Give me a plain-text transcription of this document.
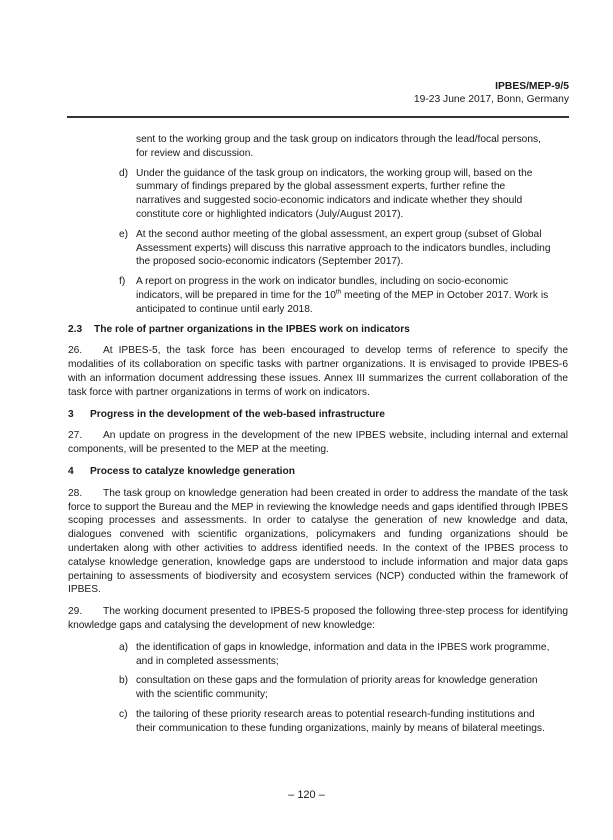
IPBES/MEP-9/5
19-23 June 2017, Bonn, Germany
sent to the working group and the task group on indicators through the lead/focal persons, for review and discussion.
d) Under the guidance of the task group on indicators, the working group will, based on the summary of findings prepared by the global assessment experts, further refine the narratives and suggested socio-economic indicators and indicate whether they should constitute core or highlighted indicators (July/August 2017).
e) At the second author meeting of the global assessment, an expert group (subset of Global Assessment experts) will discuss this narrative approach to the indicators bundles, including the proposed socio-economic indicators (September 2017).
f) A report on progress in the work on indicator bundles, including on socio-economic indicators, will be prepared in time for the 10th meeting of the MEP in October 2017. Work is anticipated to continue until early 2018.
2.3	The role of partner organizations in the IPBES work on indicators
26. At IPBES-5, the task force has been encouraged to develop terms of reference to specify the modalities of its collaboration on specific tasks with partner organizations. It is envisaged to provide IPBES-6 with an information document addressing these issues. Annex III summarizes the current collaboration of the task force with partner organizations in terms of work on indicators.
3	Progress in the development of the web-based infrastructure
27. An update on progress in the development of the new IPBES website, including internal and external components, will be presented to the MEP at the meeting.
4	Process to catalyze knowledge generation
28. The task group on knowledge generation had been created in order to address the mandate of the task force to support the Bureau and the MEP in reviewing the knowledge needs and gaps identified through IPBES scoping processes and assessments. In order to catalyse the generation of new knowledge and data, dialogues convened with scientific organizations, policymakers and funding organizations should be undertaken along with other activities to address identified needs. In the context of the IPBES process to catalyse knowledge generation, knowledge gaps are understood to include information and major data gaps pertaining to assessments of biodiversity and ecosystem services (NCP) conducted within the framework of IPBES.
29. The working document presented to IPBES-5 proposed the following three-step process for identifying knowledge gaps and catalysing the development of new knowledge:
a) the identification of gaps in knowledge, information and data in the IPBES work programme, and in completed assessments;
b) consultation on these gaps and the formulation of priority areas for knowledge generation with the scientific community;
c) the tailoring of these priority research areas to potential research-funding institutions and their communication to these funding organizations, mainly by means of bilateral meetings.
– 120 –
